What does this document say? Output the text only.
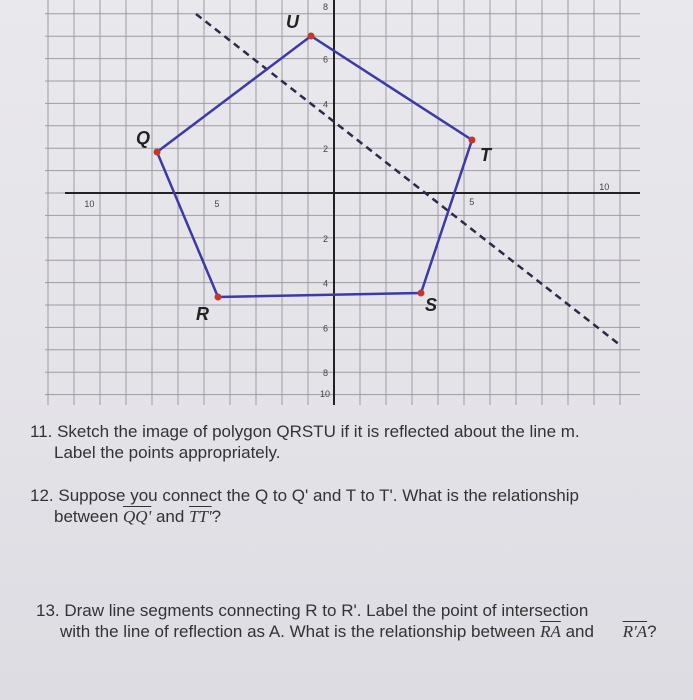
10	5	5
10
8
6
4
2
2
4
6
8
10
Q
R	S
T
U
11. Sketch the image of polygon QRSTU if it is reflected about the line m.
Label the points appropriately.
12. Suppose you connect the Q to Q' and T to T'. What is the relationship
between QQ' and TT'?
13. Draw line segments connecting R to R'. Label the point of intersection
with the line of reflection as A. What is the relationship between $\overline{RA}$ and R'A?
